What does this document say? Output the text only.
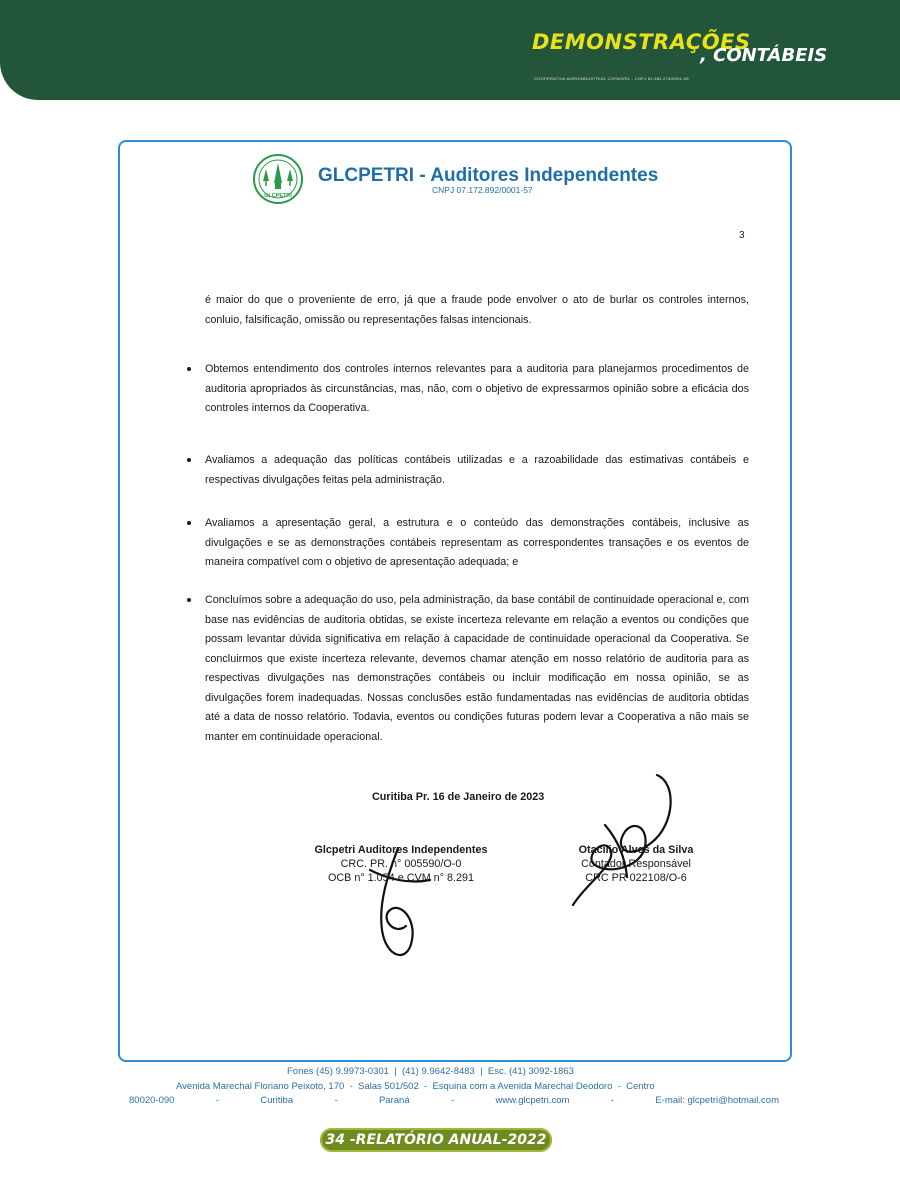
DEMONSTRAÇÕES
, CONTÁBEIS
COOPERATIVA AGROINDUSTRIAL COPAGRIL - CNPJ 81.584.278/0001-55
GLCPETRI
GLCPETRI - Auditores Independentes
CNPJ 07.172.892/0001-57
3
é maior do que o proveniente de erro, já que a fraude pode envolver o ato de burlar os controles internos, conluio, falsificação, omissão ou representações falsas intencionais.
Obtemos entendimento dos controles internos relevantes para a auditoria para planejarmos procedimentos de auditoria apropriados às circunstâncias, mas, não, com o objetivo de expressarmos opinião sobre a eficácia dos controles internos da Cooperativa.
Avaliamos a adequação das políticas contábeis utilizadas e a razoabilidade das estimativas contábeis e respectivas divulgações feitas pela administração.
Avaliamos a apresentação geral, a estrutura e o conteúdo das demonstrações contábeis, inclusive as divulgações e se as demonstrações contábeis representam as correspondentes transações e os eventos de maneira compatível com o objetivo de apresentação adequada; e
Concluímos sobre a adequação do uso, pela administração, da base contábil de continuidade operacional e, com base nas evidências de auditoria obtidas, se existe incerteza relevante em relação a eventos ou condições que possam levantar dúvida significativa em relação à capacidade de continuidade operacional da Cooperativa. Se concluirmos que existe incerteza relevante, devemos chamar atenção em nosso relatório de auditoria para as respectivas divulgações nas demonstrações contábeis ou incluir modificação em nossa opinião, se as divulgações forem inadequadas. Nossas conclusões estão fundamentadas nas evidências de auditoria obtidas até a data de nosso relatório. Todavia, eventos ou condições futuras podem levar a Cooperativa a não mais se manter em continuidade operacional.
Curitiba Pr. 16 de Janeiro de 2023
Glcpetri Auditores Independentes
CRC. PR. n° 005590/O-0
OCB n° 1.054 e CVM n° 8.291
Otacilio Alves da Silva
Contador Responsável
CRC PR 022108/O-6
Fones (45) 9.9973-0301  |  (41) 9.9642-8483  |  Esc. (41) 3092-1863
Avenida Marechal Floriano Peixoto, 170  -  Salas 501/502  -  Esquina com a Avenida Marechal Deodoro  -  Centro
80020-090	-	Curitiba	-	Paraná	-	www.glcpetri.com	-	E-mail: glcpetri@hotmail.com
34 -RELATÓRIO ANUAL-2022
